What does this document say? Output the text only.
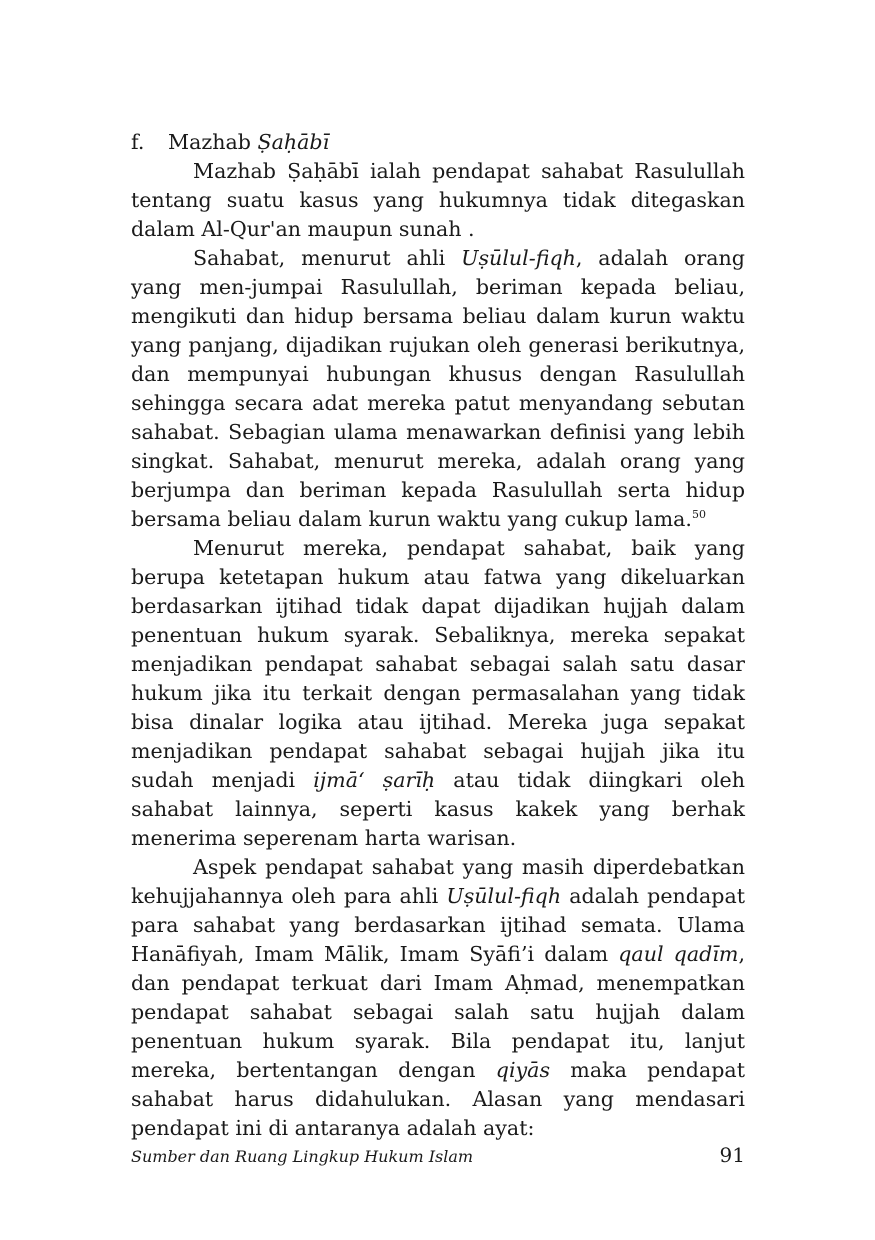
f.	Mazhab Ṣaḥābī

Mazhab Ṣaḥābī ialah pendapat sahabat Rasulullah tentang suatu kasus yang hukumnya tidak ditegaskan dalam Al-Qur'an maupun sunah .

Sahabat, menurut ahli Uṣūlul-fiqh, adalah orang yang men-jumpai Rasulullah, beriman kepada beliau, mengikuti dan hidup bersama beliau dalam kurun waktu yang panjang, dijadikan rujukan oleh generasi berikutnya, dan mempunyai hubungan khusus dengan Rasulullah sehingga secara adat mereka patut menyandang sebutan sahabat. Sebagian ulama menawarkan definisi yang lebih singkat. Sahabat, menurut mereka, adalah orang yang berjumpa dan beriman kepada Rasulullah serta hidup bersama beliau dalam kurun waktu yang cukup lama.$^{50}$

Menurut mereka, pendapat sahabat, baik yang berupa ketetapan hukum atau fatwa yang dikeluarkan berdasarkan ijtihad tidak dapat dijadikan hujjah dalam penentuan hukum syarak. Sebaliknya, mereka sepakat menjadikan pendapat sahabat sebagai salah satu dasar hukum jika itu terkait dengan permasalahan yang tidak bisa dinalar logika atau ijtihad. Mereka juga sepakat menjadikan pendapat sahabat sebagai hujjah jika itu sudah menjadi ijmā‘ ṣarīḥ atau tidak diingkari oleh sahabat lainnya, seperti kasus kakek yang berhak menerima seperenam harta warisan.

Aspek pendapat sahabat yang masih diperdebatkan kehujjahannya oleh para ahli Uṣūlul-fiqh adalah pendapat para sahabat yang berdasarkan ijtihad semata. Ulama Hanāfiyah, Imam Mālik, Imam Syāfi’i dalam qaul qadīm, dan pendapat terkuat dari Imam Aḥmad, menempatkan pendapat sahabat sebagai salah satu hujjah dalam penentuan hukum syarak. Bila pendapat itu, lanjut mereka, bertentangan dengan qiyās maka pendapat sahabat harus didahulukan. Alasan yang mendasari pendapat ini di antaranya adalah ayat:

Sumber dan Ruang Lingkup Hukum Islam	91
